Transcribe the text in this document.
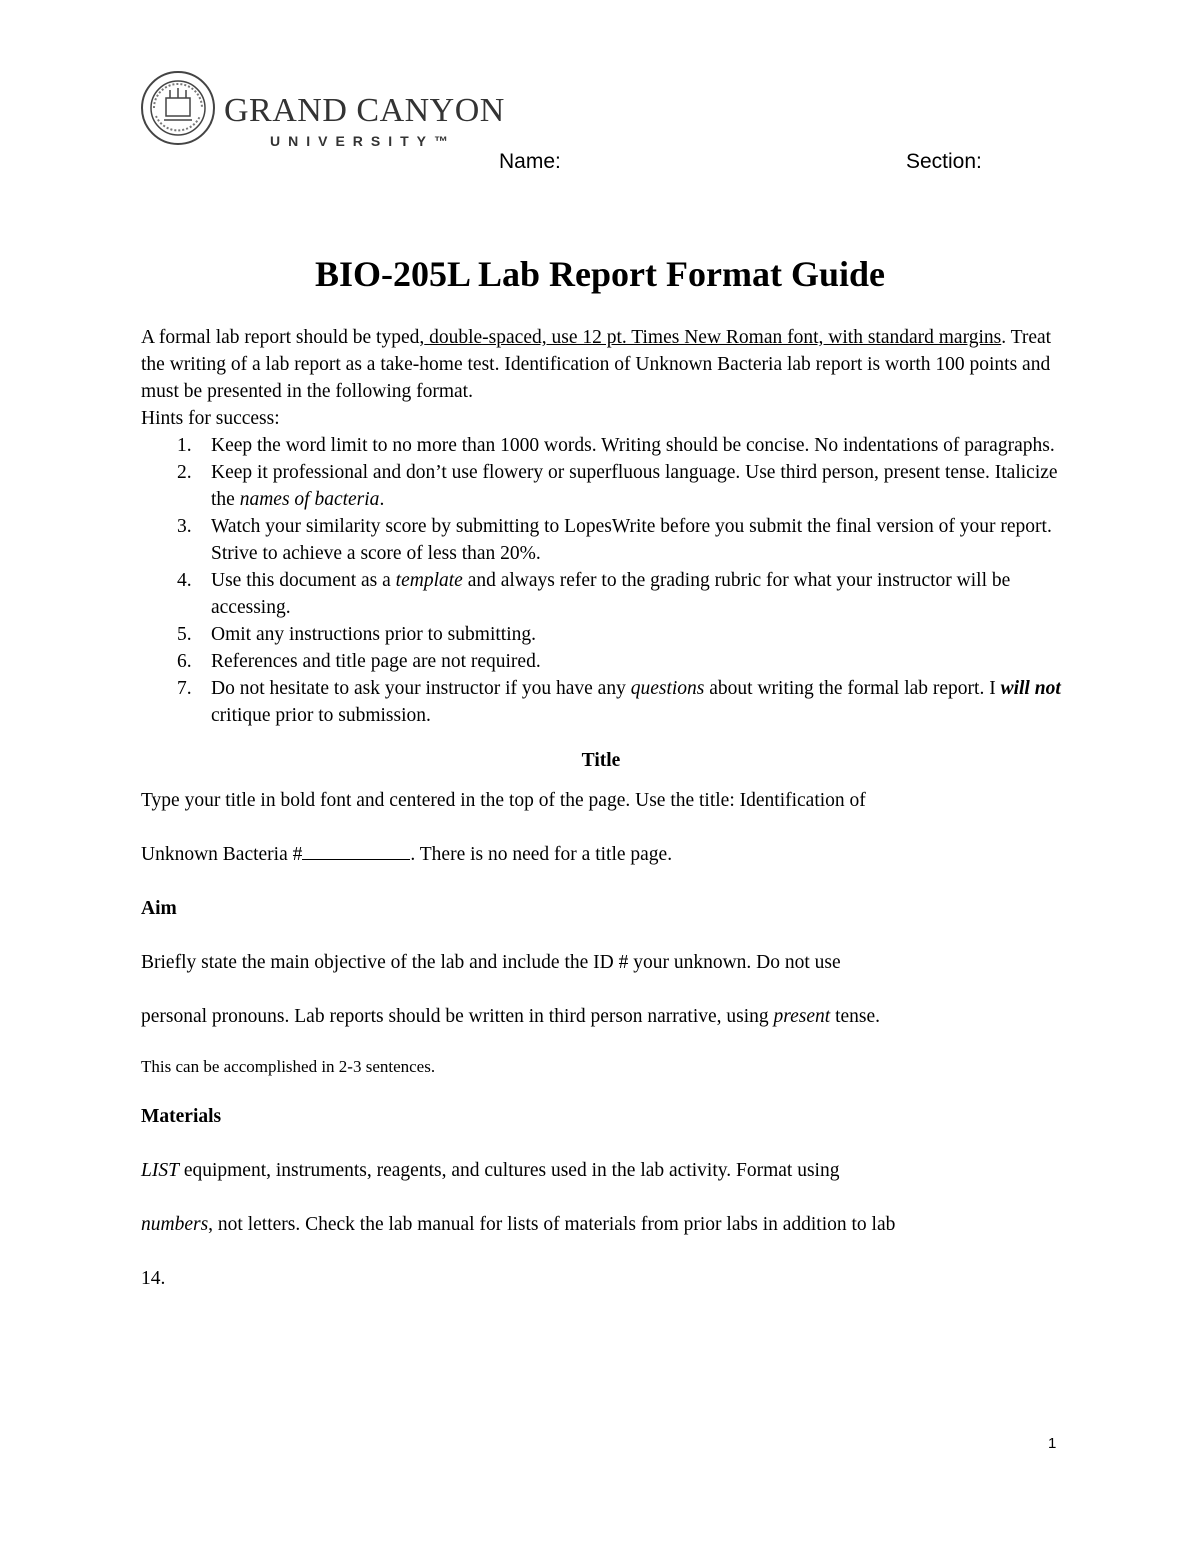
GRAND CANYON
UNIVERSITY™
Name:	Section:
BIO-205L Lab Report Format Guide

A formal lab report should be typed, double-spaced, use 12 pt. Times New Roman font, with standard margins. Treat the writing of a lab report as a take-home test. Identification of Unknown Bacteria lab report is worth 100 points and must be presented in the following format.

Hints for success:

1. Keep the word limit to no more than 1000 words. Writing should be concise. No indentations of paragraphs.
2. Keep it professional and don’t use flowery or superfluous language. Use third person, present tense. Italicize the names of bacteria.
3. Watch your similarity score by submitting to LopesWrite before you submit the final version of your report. Strive to achieve a score of less than 20%.
4. Use this document as a template and always refer to the grading rubric for what your instructor will be accessing.
5. Omit any instructions prior to submitting.
6. References and title page are not required.
7. Do not hesitate to ask your instructor if you have any questions about writing the formal lab report. I will not critique prior to submission.
Title
Type your title in bold font and centered in the top of the page. Use the title: Identification of
Unknown Bacteria #	. There is no need for a title page.
Aim
Briefly state the main objective of the lab and include the ID # your unknown. Do not use
personal pronouns. Lab reports should be written in third person narrative, using present tense.
This can be accomplished in 2-3 sentences.
Materials
LIST equipment, instruments, reagents, and cultures used in the lab activity. Format using
numbers, not letters. Check the lab manual for lists of materials from prior labs in addition to lab
14.
1
